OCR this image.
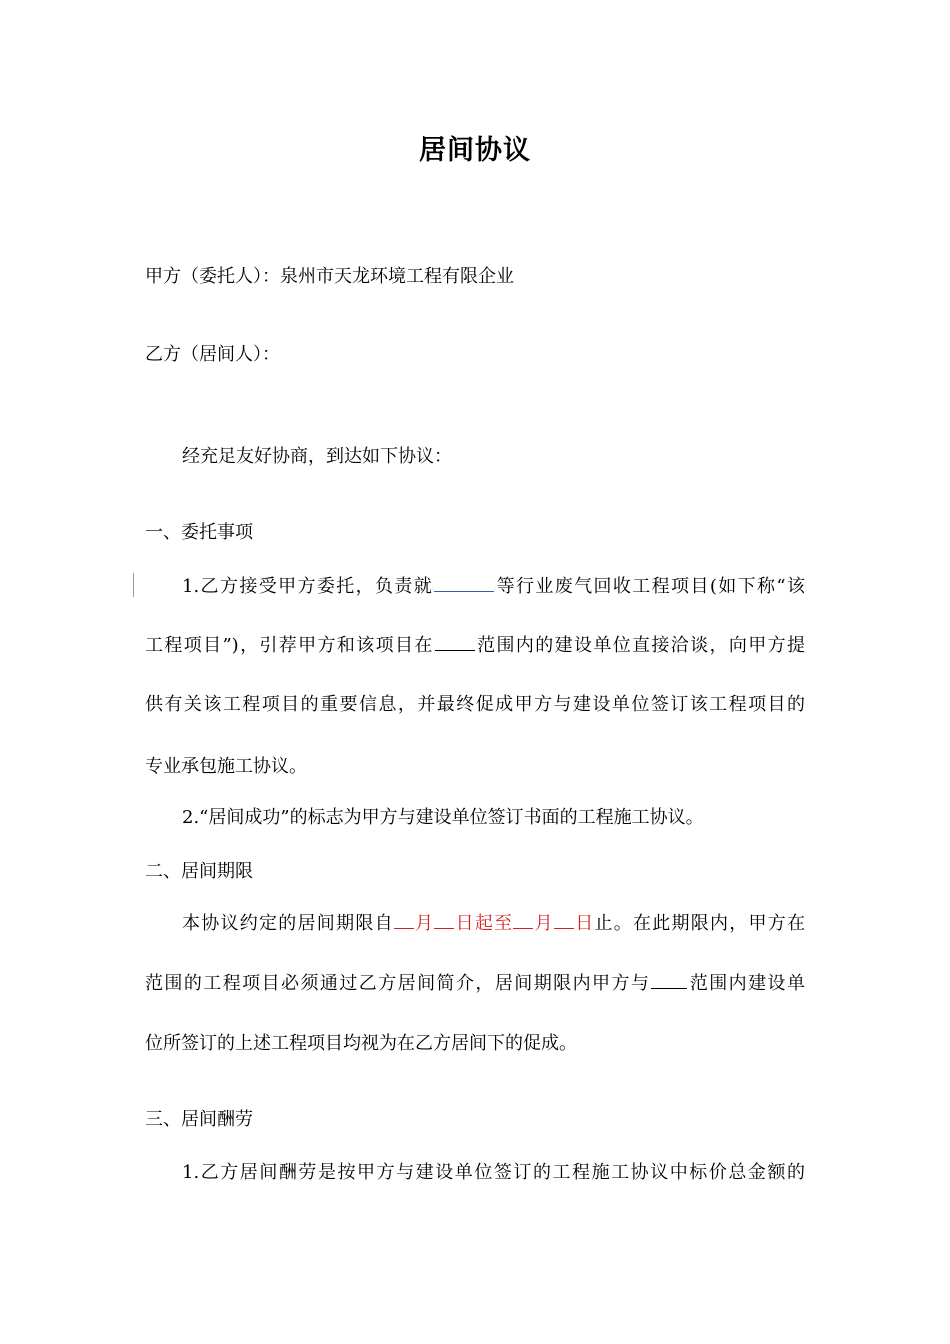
居间协议
甲方（委托人）：泉州市天龙环境工程有限企业
乙方（居间人）：
经充足友好协商，到达如下协议：
一、委托事项
1.乙方接受甲方委托，负责就	等行业废气回收工程项目(如下称“该
工程项目”)，引荐甲方和该项目在 范围内的建设单位直接洽谈，向甲方提
供有关该工程项目的重要信息，并最终促成甲方与建设单位签订该工程项目的
专业承包施工协议。
2.“居间成功”的标志为甲方与建设单位签订书面的工程施工协议。
二、居间期限
本协议约定的居间期限自 月 日起至 月 日止。在此期限内，甲方在
范围的工程项目必须通过乙方居间简介，居间期限内甲方与 范围内建设单
位所签订的上述工程项目均视为在乙方居间下的促成。
三、居间酬劳
1.乙方居间酬劳是按甲方与建设单位签订的工程施工协议中标价总金额的
